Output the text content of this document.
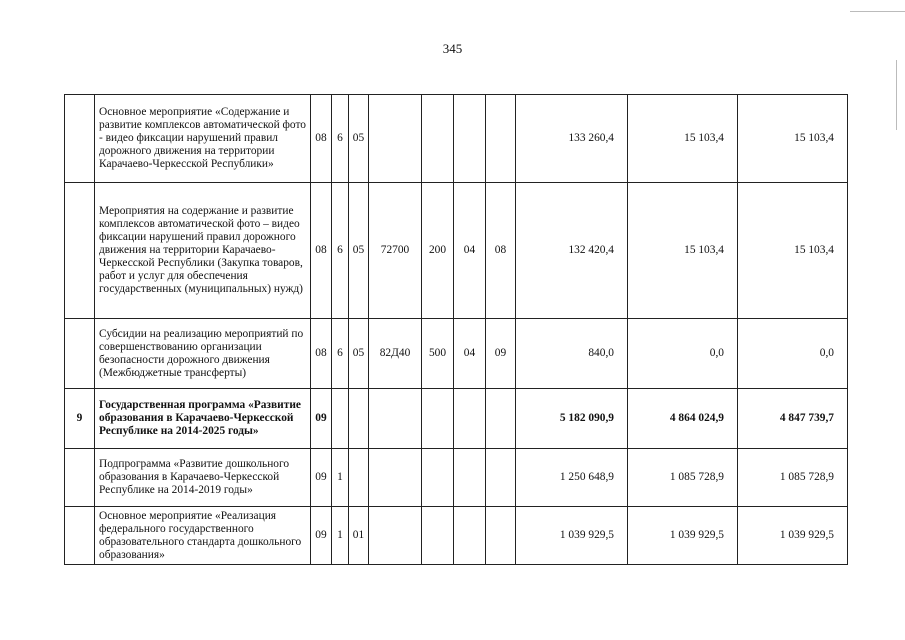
345
	Основное мероприятие «Содержание и развитие комплексов автоматической фото - видео фиксации нарушений правил дорожного движения на территории Карачаево-Черкесской Республики»	08	6	05					133 260,4	15 103,4	15 103,4
	Мероприятия на содержание и развитие комплексов автоматической фото – видео фиксации нарушений правил дорожного движения на территории Карачаево-Черкесской Республики (Закупка товаров, работ и услуг для обеспечения государственных (муниципальных) нужд)	08	6	05	72700	200	04	08	132 420,4	15 103,4	15 103,4
	Субсидии на реализацию мероприятий по совершенствованию организации безопасности дорожного движения (Межбюджетные трансферты)	08	6	05	82Д40	500	04	09	840,0	0,0	0,0
9	Государственная программа «Развитие образования в Карачаево-Черкесской Республике на 2014-2025 годы»	09							5 182 090,9	4 864 024,9	4 847 739,7
	Подпрограмма «Развитие дошкольного образования в Карачаево-Черкесской Республике на 2014-2019 годы»	09	1						1 250 648,9	1 085 728,9	1 085 728,9
	Основное мероприятие «Реализация федерального государственного образовательного стандарта дошкольного образования»	09	1	01					1 039 929,5	1 039 929,5	1 039 929,5
